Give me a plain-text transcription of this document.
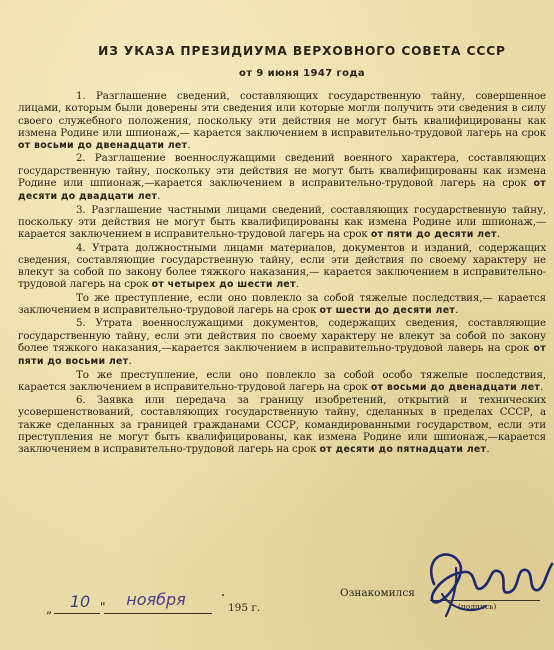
ИЗ УКАЗА ПРЕЗИДИУМА ВЕРХОВНОГО СОВЕТА СССР
от 9 июня 1947 года

1. Разглашение сведений, составляющих государственную тайну, совершенное лицами, которым были доверены эти сведения или которые могли получить эти сведения в силу своего служебного положения, поскольку эти действия не могут быть квалифицированы как измена Родине или шпионаж,— карается заключением в исправительно-трудовой лагерь на срок от восьми до двенадцати лет.

2. Разглашение военнослужащими сведений военного характера, составляющих государственную тайну, поскольку эти действия не могут быть квалифицированы как измена Родине или шпионаж,—карается заключением в исправительно-трудовой лагерь на срок от десяти до двадцати лет.

3. Разглашение частными лицами сведений, составляющих государственную тайну, поскольку эти действия не могут быть квалифицированы как измена Родине или шпионаж,—карается заключением в исправительно-трудовой лагерь на срок от пяти до десяти лет.

4. Утрата должностными лицами материалов, документов и изданий, содержащих сведения, составляющие государственную тайну, если эти действия по своему характеру не влекут за собой по закону более тяжкого наказания,— карается заключением в исправительно-трудовой лагерь на срок от четырех до шести лет.

То же преступление, если оно повлекло за собой тяжелые последствия,— карается заключением в исправительно-трудовой лагерь на срок от шести до десяти лет.

5. Утрата военнослужащими документов, содержащих сведения, составляющие государственную тайну, если эти действия по своему характеру не влекут за собой по закону более тяжкого наказания,—карается заключением в исправительно-трудовой лаверь на срок от пяти до восьми лет.

То же преступление, если оно повлекло за собой особо тяжелые последствия, карается заключением в исправительно-трудовой лагерь на срок от восьми до двенадцати лет.

6. Заявка или передача за границу изобретений, открытий и технических усовершенствований, составляющих государственную тайну, сделанных в пределах СССР, а также сделанных за границей гражданами СССР, командированными государством, если эти преступления не могут быть квалифицированы, как измена Родине или шпионаж,—карается заключением в исправительно-трудовой лагерь на срок от десяти до пятнадцати лет.

„	10 "	ноября	195 г.
Ознакомился
(подпись)
